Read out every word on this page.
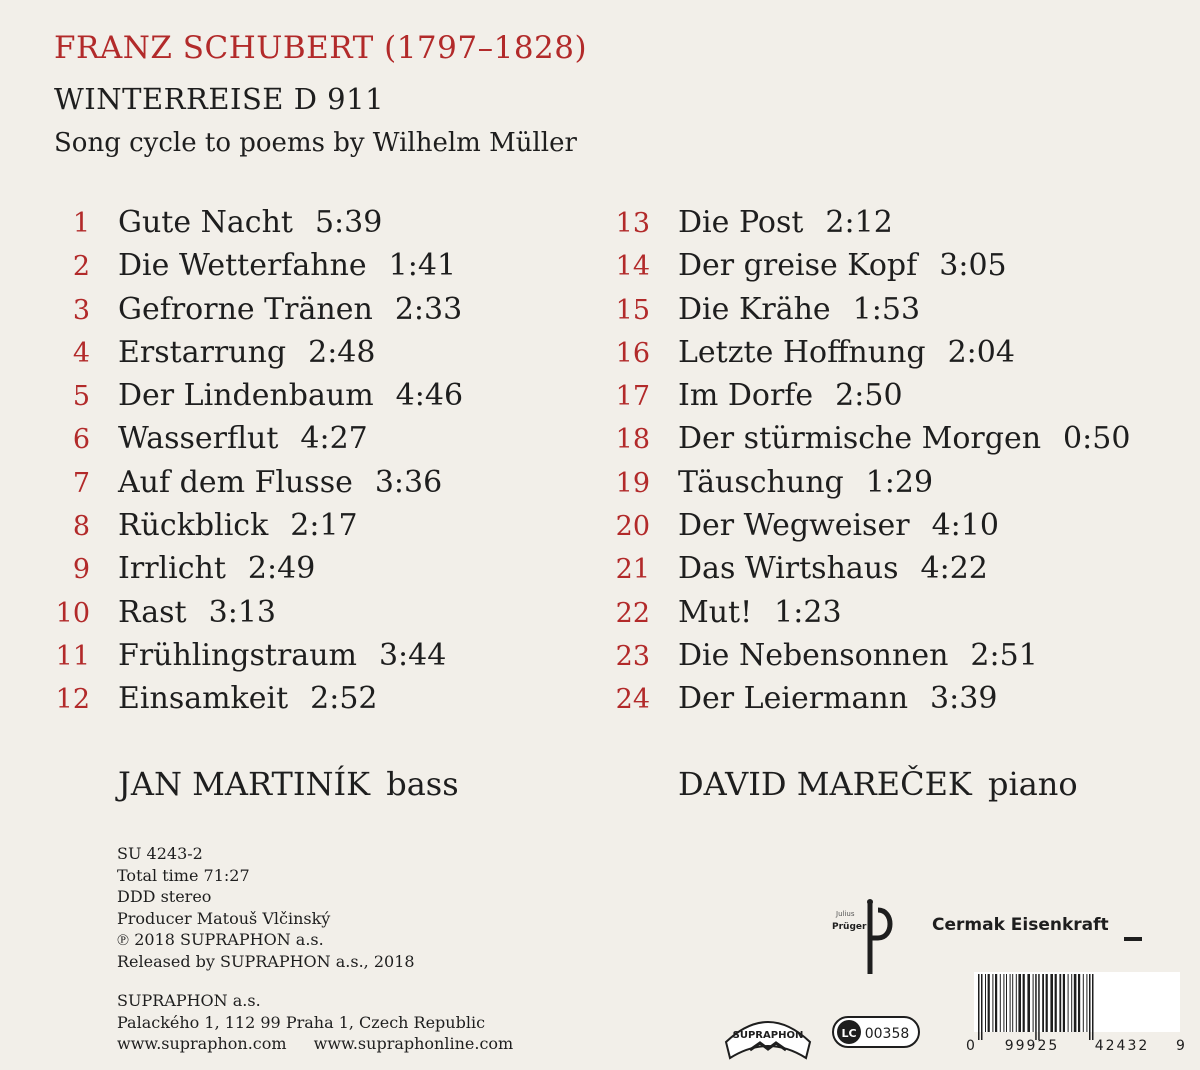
FRANZ SCHUBERT (1797–1828)
WINTERREISE D 911
Song cycle to poems by Wilhelm Müller
1 Gute Nacht 5:39
2 Die Wetterfahne 1:41
3 Gefrorne Tränen 2:33
4 Erstarrung 2:48
5 Der Lindenbaum 4:46
6 Wasserflut 4:27
7 Auf dem Flusse 3:36
8 Rückblick 2:17
9 Irrlicht 2:49
10 Rast 3:13
11 Frühlingstraum 3:44
12 Einsamkeit 2:52
13 Die Post 2:12
14 Der greise Kopf 3:05
15 Die Krähe 1:53
16 Letzte Hoffnung 2:04
17 Im Dorfe 2:50
18 Der stürmische Morgen 0:50
19 Täuschung 1:29
20 Der Wegweiser 4:10
21 Das Wirtshaus 4:22
22 Mut! 1:23
23 Die Nebensonnen 2:51
24 Der Leiermann 3:39
JAN MARTINÍK bass	DAVID MAREČEK piano
SU 4243-2
Total time 71:27
DDD stereo
Producer Matouš Vlčinský
℗ 2018 SUPRAPHON a.s.
Released by SUPRAPHON a.s., 2018
SUPRAPHON a.s.
Palackého 1, 112 99 Praha 1, Czech Republic
www.supraphon.com www.supraphonline.com
Julius
Prüger	Cermak Eisenkraft
SUPRAPHON	LC 00358
0 99925	42432 9
